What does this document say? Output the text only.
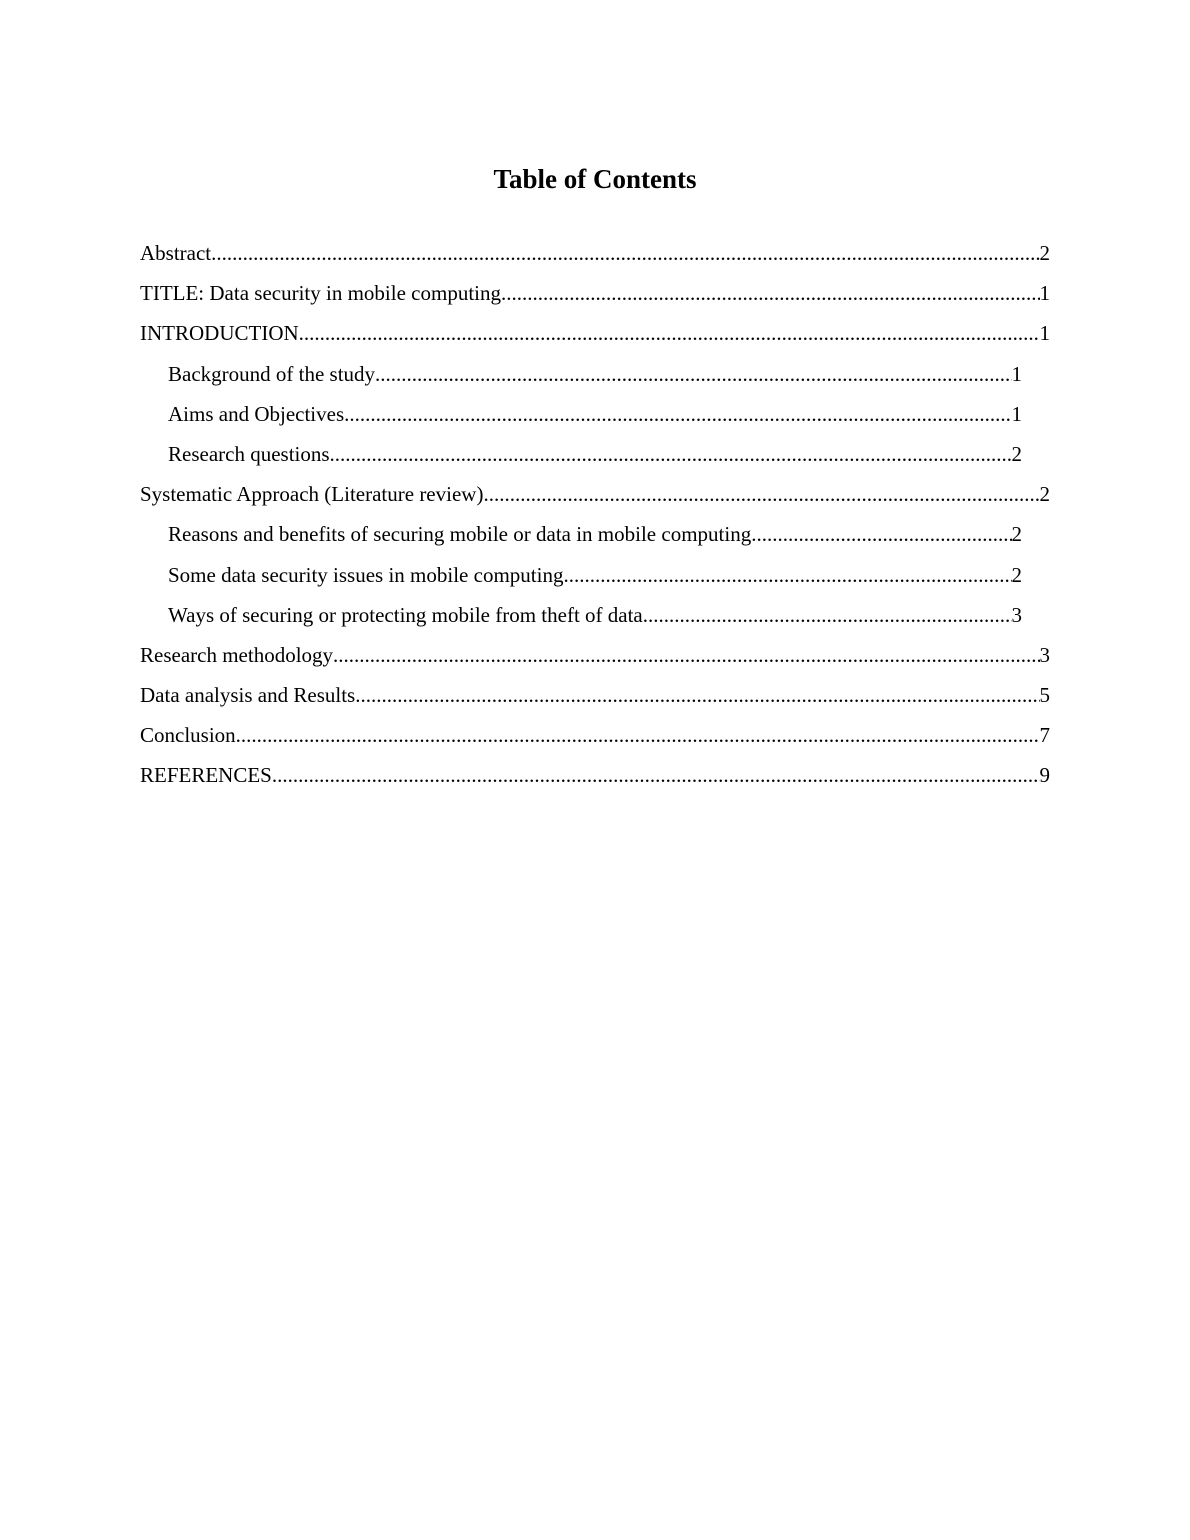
Table of Contents
Abstract .....	2
TITLE: Data security in mobile computing .....	1
INTRODUCTION .....	1
Background of the study .....	1
Aims and Objectives .....	1
Research questions .....	2
Systematic Approach (Literature review) .....	2
Reasons and benefits of securing mobile or data in mobile computing .....	2
Some data security issues in mobile computing .....	2
Ways of securing or protecting mobile from theft of data .....	3
Research methodology .....	3
Data analysis and Results .....	5
Conclusion .....	7
REFERENCES .....	9
